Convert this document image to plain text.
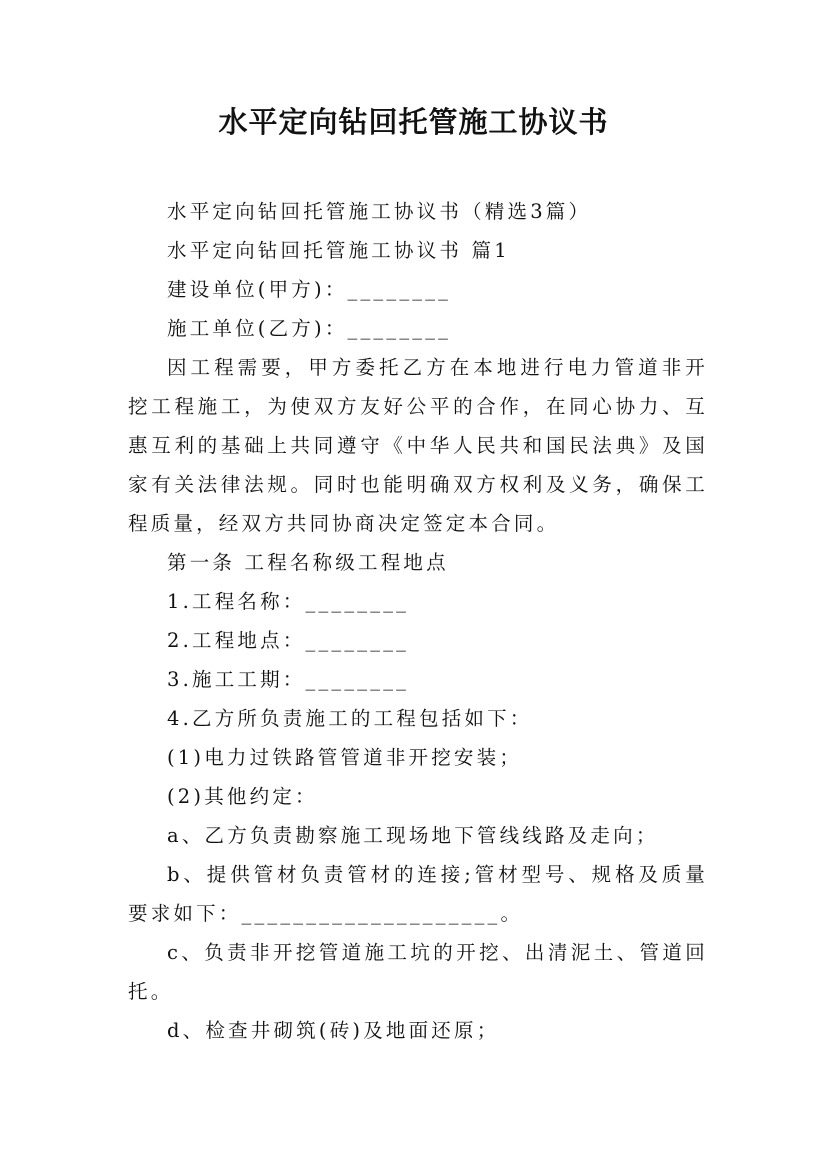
水平定向钻回托管施工协议书

水平定向钻回托管施工协议书（精选3篇）

水平定向钻回托管施工协议书 篇1

建设单位(甲方)：________

施工单位(乙方)：________

因工程需要，甲方委托乙方在本地进行电力管道非开挖工程施工，为使双方友好公平的合作，在同心协力、互惠互利的基础上共同遵守《中华人民共和国民法典》及国家有关法律法规。同时也能明确双方权利及义务，确保工程质量，经双方共同协商决定签定本合同。

第一条 工程名称级工程地点

1.工程名称：________

2.工程地点：________

3.施工工期：________

4.乙方所负责施工的工程包括如下：

(1)电力过铁路管管道非开挖安装；

(2)其他约定：

a、乙方负责勘察施工现场地下管线线路及走向；

b、提供管材负责管材的连接;管材型号、规格及质量要求如下：____________________。

c、负责非开挖管道施工坑的开挖、出清泥土、管道回托。

d、检查井砌筑(砖)及地面还原；
